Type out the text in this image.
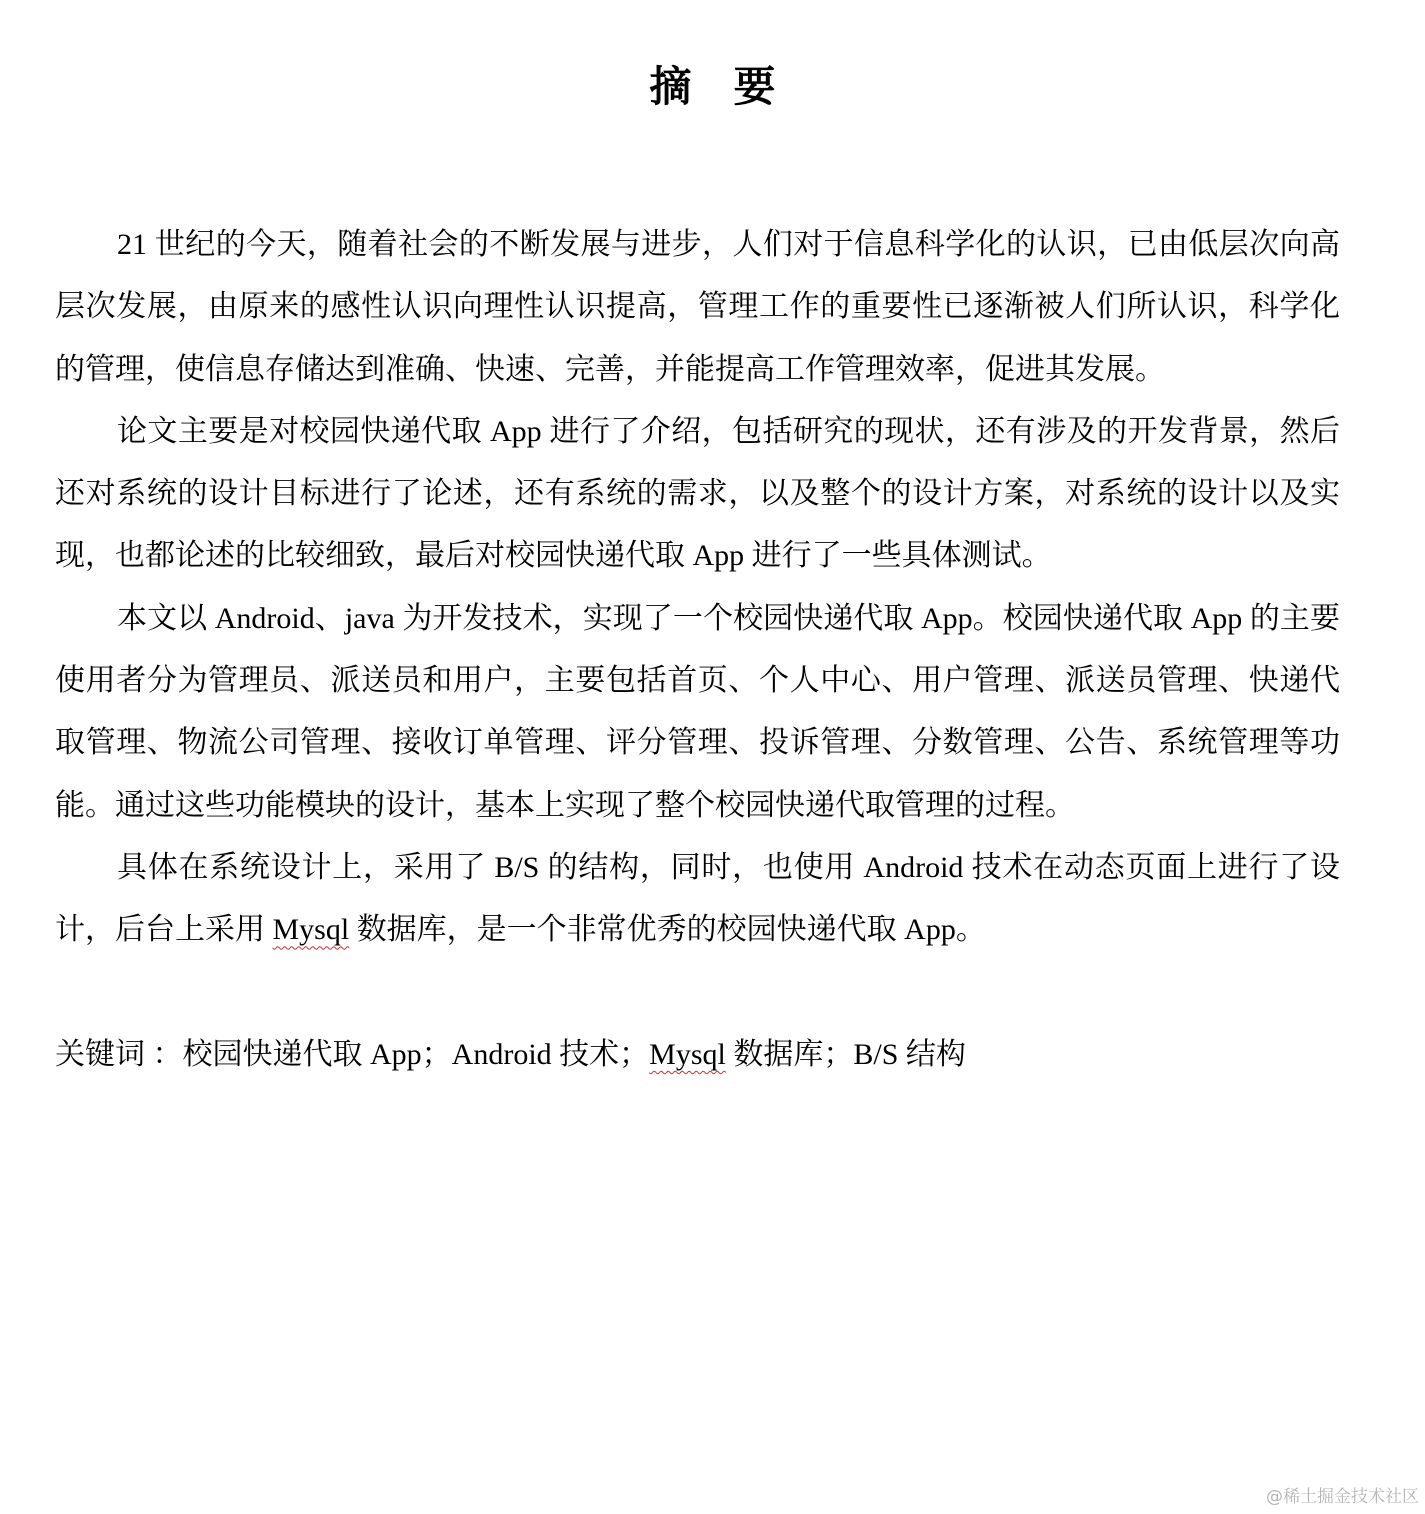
摘 要

21 世纪的今天，随着社会的不断发展与进步，人们对于信息科学化的认识，已由低层次向高层次发展，由原来的感性认识向理性认识提高，管理工作的重要性已逐渐被人们所认识，科学化的管理，使信息存储达到准确、快速、完善，并能提高工作管理效率，促进其发展。

论文主要是对校园快递代取 App 进行了介绍，包括研究的现状，还有涉及的开发背景，然后还对系统的设计目标进行了论述，还有系统的需求，以及整个的设计方案，对系统的设计以及实现，也都论述的比较细致，最后对校园快递代取 App 进行了一些具体测试。

本文以 Android、java 为开发技术，实现了一个校园快递代取 App。校园快递代取 App 的主要使用者分为管理员、派送员和用户，主要包括首页、个人中心、用户管理、派送员管理、快递代取管理、物流公司管理、接收订单管理、评分管理、投诉管理、分数管理、公告、系统管理等功能。通过这些功能模块的设计，基本上实现了整个校园快递代取管理的过程。

具体在系统设计上，采用了 B/S 的结构，同时，也使用 Android 技术在动态页面上进行了设计，后台上采用 Mysql 数据库，是一个非常优秀的校园快递代取 App。

关键词 ：校园快递代取 App；Android 技术；Mysql 数据库；B/S 结构
@稀土掘金技术社区
